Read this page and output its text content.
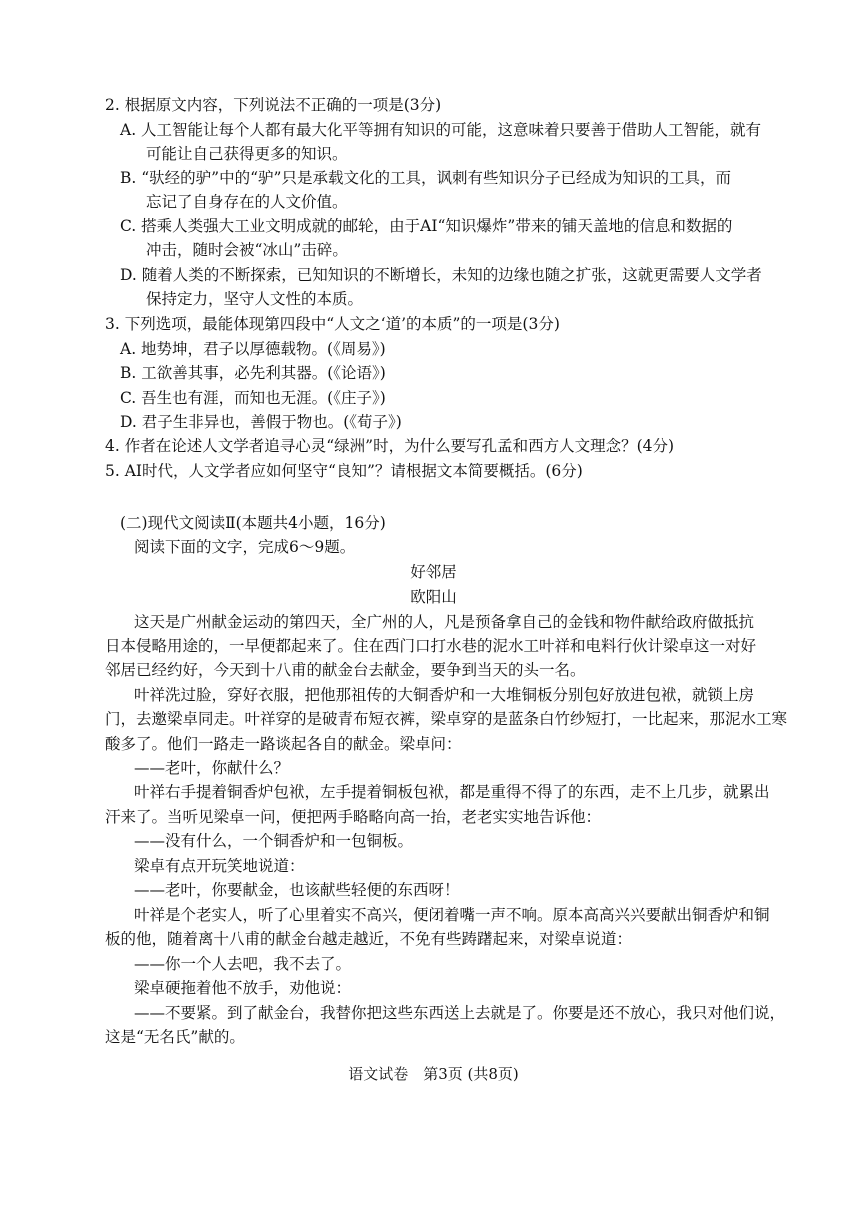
2. 根据原文内容，下列说法不正确的一项是(3分)
A. 人工智能让每个人都有最大化平等拥有知识的可能，这意味着只要善于借助人工智能，就有
可能让自己获得更多的知识。
B. “驮经的驴”中的“驴”只是承载文化的工具，讽刺有些知识分子已经成为知识的工具，而
忘记了自身存在的人文价值。
C. 搭乘人类强大工业文明成就的邮轮，由于AI“知识爆炸”带来的铺天盖地的信息和数据的
冲击，随时会被“冰山”击碎。
D. 随着人类的不断探索，已知知识的不断增长，未知的边缘也随之扩张，这就更需要人文学者
保持定力，坚守人文性的本质。
3. 下列选项，最能体现第四段中“人文之‘道’的本质”的一项是(3分)
A. 地势坤，君子以厚德载物。(《周易》)
B. 工欲善其事，必先利其器。(《论语》)
C. 吾生也有涯，而知也无涯。(《庄子》)
D. 君子生非异也，善假于物也。(《荀子》)
4. 作者在论述人文学者追寻心灵“绿洲”时，为什么要写孔孟和西方人文理念？(4分)
5. AI时代，人文学者应如何坚守“良知”？请根据文本简要概括。(6分)
(二)现代文阅读Ⅱ(本题共4小题，16分)
阅读下面的文字，完成6～9题。
好邻居
欧阳山
这天是广州献金运动的第四天，全广州的人，凡是预备拿自己的金钱和物件献给政府做抵抗
日本侵略用途的，一早便都起来了。住在西门口打水巷的泥水工叶祥和电料行伙计梁卓这一对好
邻居已经约好，今天到十八甫的献金台去献金，要争到当天的头一名。
叶祥洗过脸，穿好衣服，把他那祖传的大铜香炉和一大堆铜板分别包好放进包袱，就锁上房
门，去邀梁卓同走。叶祥穿的是破青布短衣裤，梁卓穿的是蓝条白竹纱短打，一比起来，那泥水工寒
酸多了。他们一路走一路谈起各自的献金。梁卓问：
——老叶，你献什么？
叶祥右手提着铜香炉包袱，左手提着铜板包袱，都是重得不得了的东西，走不上几步，就累出
汗来了。当听见梁卓一问，便把两手略略向高一抬，老老实实地告诉他：
——没有什么，一个铜香炉和一包铜板。
梁卓有点开玩笑地说道：
——老叶，你要献金，也该献些轻便的东西呀！
叶祥是个老实人，听了心里着实不高兴，便闭着嘴一声不响。原本高高兴兴要献出铜香炉和铜
板的他，随着离十八甫的献金台越走越近，不免有些踌躇起来，对梁卓说道：
——你一个人去吧，我不去了。
梁卓硬拖着他不放手，劝他说：
——不要紧。到了献金台，我替你把这些东西送上去就是了。你要是还不放心，我只对他们说，
这是“无名氏”献的。
语文试卷　第3页 (共8页)
